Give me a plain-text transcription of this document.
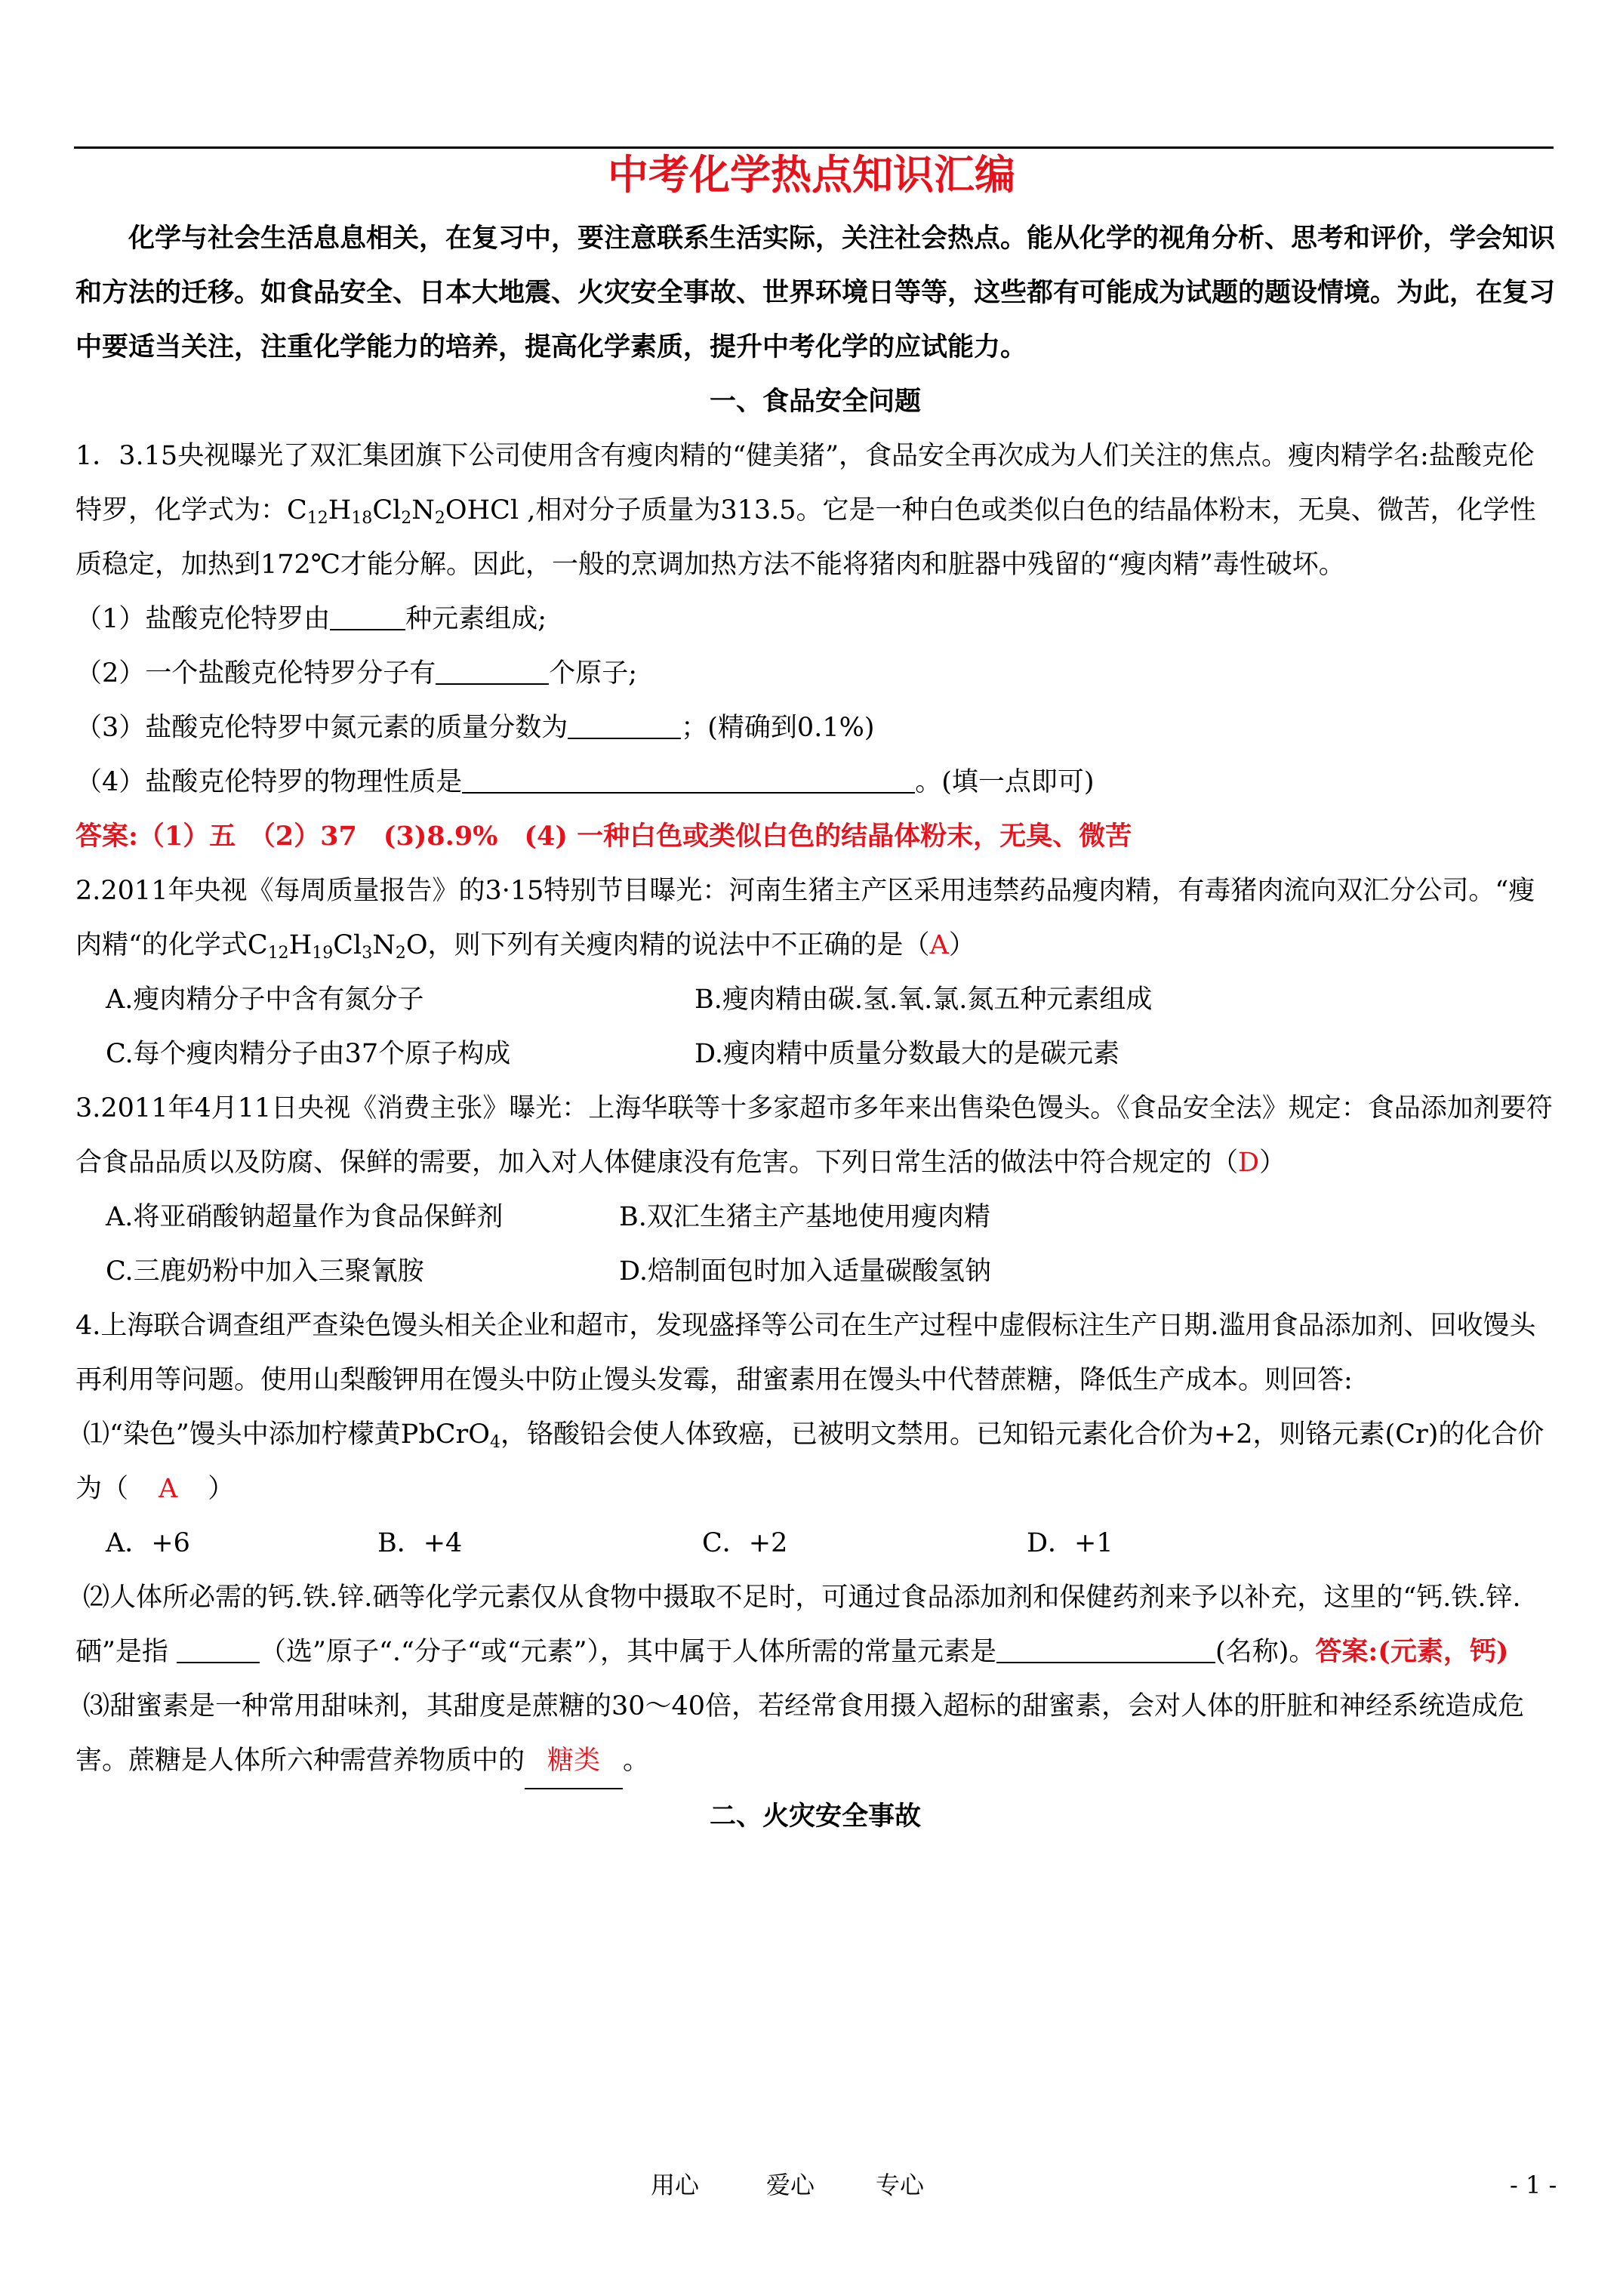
中考化学热点知识汇编

化学与社会生活息息相关，在复习中，要注意联系生活实际，关注社会热点。能从化学的视角分析、思考和评价，学会知识和方法的迁移。如食品安全、日本大地震、火灾安全事故、世界环境日等等，这些都有可能成为试题的题设情境。为此，在复习中要适当关注，注重化学能力的培养，提高化学素质，提升中考化学的应试能力。

一、食品安全问题

1．3.15央视曝光了双汇集团旗下公司使用含有瘦肉精的“健美猪”，食品安全再次成为人们关注的焦点。瘦肉精学名:盐酸克伦特罗，化学式为：$C_{12}H_{18}Cl_2N_2OHCl$ ,相对分子质量为313.5。它是一种白色或类似白色的结晶体粉末，无臭、微苦，化学性质稳定，加热到172℃才能分解。因此，一般的烹调加热方法不能将猪肉和脏器中残留的“瘦肉精”毒性破坏。

（1）盐酸克伦特罗由	种元素组成;

（2）一个盐酸克伦特罗分子有	个原子;

（3）盐酸克伦特罗中氮元素的质量分数为	；(精确到0.1%)

（4）盐酸克伦特罗的物理性质是	。(填一点即可)

答案:（1）五　（2）37　(3)8.9%　(4) 一种白色或类似白色的结晶体粉末，无臭、微苦

2.2011年央视《每周质量报告》的3·15特别节目曝光：河南生猪主产区采用违禁药品瘦肉精，有毒猪肉流向双汇分公司。“瘦肉精“的化学式$C_{12}H_{19}Cl_3N_2O$，则下列有关瘦肉精的说法中不正确的是（A）

A.瘦肉精分子中含有氮分子	B.瘦肉精由碳.氢.氧.氯.氮五种元素组成
C.每个瘦肉精分子由37个原子构成	D.瘦肉精中质量分数最大的是碳元素

3.2011年4月11日央视《消费主张》曝光：上海华联等十多家超市多年来出售染色馒头。《食品安全法》规定：食品添加剂要符合食品品质以及防腐、保鲜的需要，加入对人体健康没有危害。下列日常生活的做法中符合规定的（D）

A.将亚硝酸钠超量作为食品保鲜剂	B.双汇生猪主产基地使用瘦肉精
C.三鹿奶粉中加入三聚氰胺	D.焙制面包时加入适量碳酸氢钠

4.上海联合调查组严查染色馒头相关企业和超市，发现盛择等公司在生产过程中虚假标注生产日期.滥用食品添加剂、回收馒头再利用等问题。使用山梨酸钾用在馒头中防止馒头发霉，甜蜜素用在馒头中代替蔗糖，降低生产成本。则回答:

⑴“染色”馒头中添加柠檬黄PbCrO$_4$，铬酸铅会使人体致癌，已被明文禁用。已知铅元素化合价为+2，则铬元素(Cr)的化合价为（ A ）

A．+6	B．+4	C．+2	D．+1

⑵人体所必需的钙.铁.锌.硒等化学元素仅从食物中摄取不足时，可通过食品添加剂和保健药剂来予以补充，这里的“钙.铁.锌.硒”是指	（选”原子“.“分子“或“元素”），其中属于人体所需的常量元素是	(名称)。答案:(元素，钙)

⑶甜蜜素是一种常用甜味剂，其甜度是蔗糖的30～40倍，若经常食用摄入超标的甜蜜素，会对人体的肝脏和神经系统造成危害。蔗糖是人体所六种需营养物质中的 糖类 。

二、火灾安全事故

用心	爱心	专心	- 1 -
